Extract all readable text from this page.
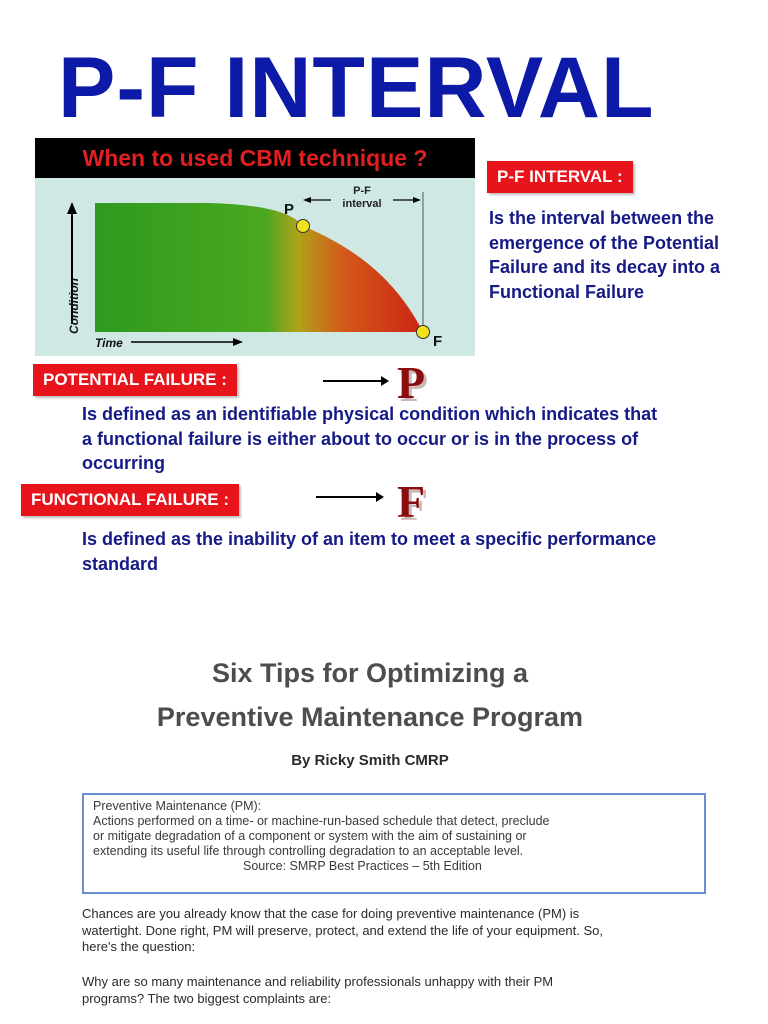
P-F INTERVAL
When to used CBM technique ?
P-F
interval
P
F
Condition
Time
P-F INTERVAL :
Is the interval between the
emergence of the Potential
Failure and its decay into a
Functional Failure
POTENTIAL FAILURE :	P
Is defined as an identifiable physical condition which indicates that
a functional failure is either about to occur or is in the process of
occurring
FUNCTIONAL FAILURE :	F
Is defined as the inability of an item to meet a specific performance
standard
Six Tips for Optimizing a
Preventive Maintenance Program
By Ricky Smith CMRP
Preventive Maintenance (PM):
Actions performed on a time- or machine-run-based schedule that detect, preclude
or mitigate degradation of a component or system with the aim of sustaining or
extending its useful life through controlling degradation to an acceptable level.
Source: SMRP Best Practices – 5th Edition
Chances are you already know that the case for doing preventive maintenance (PM) is
watertight. Done right, PM will preserve, protect, and extend the life of your equipment. So,
here's the question:
Why are so many maintenance and reliability professionals unhappy with their PM
programs? The two biggest complaints are:
